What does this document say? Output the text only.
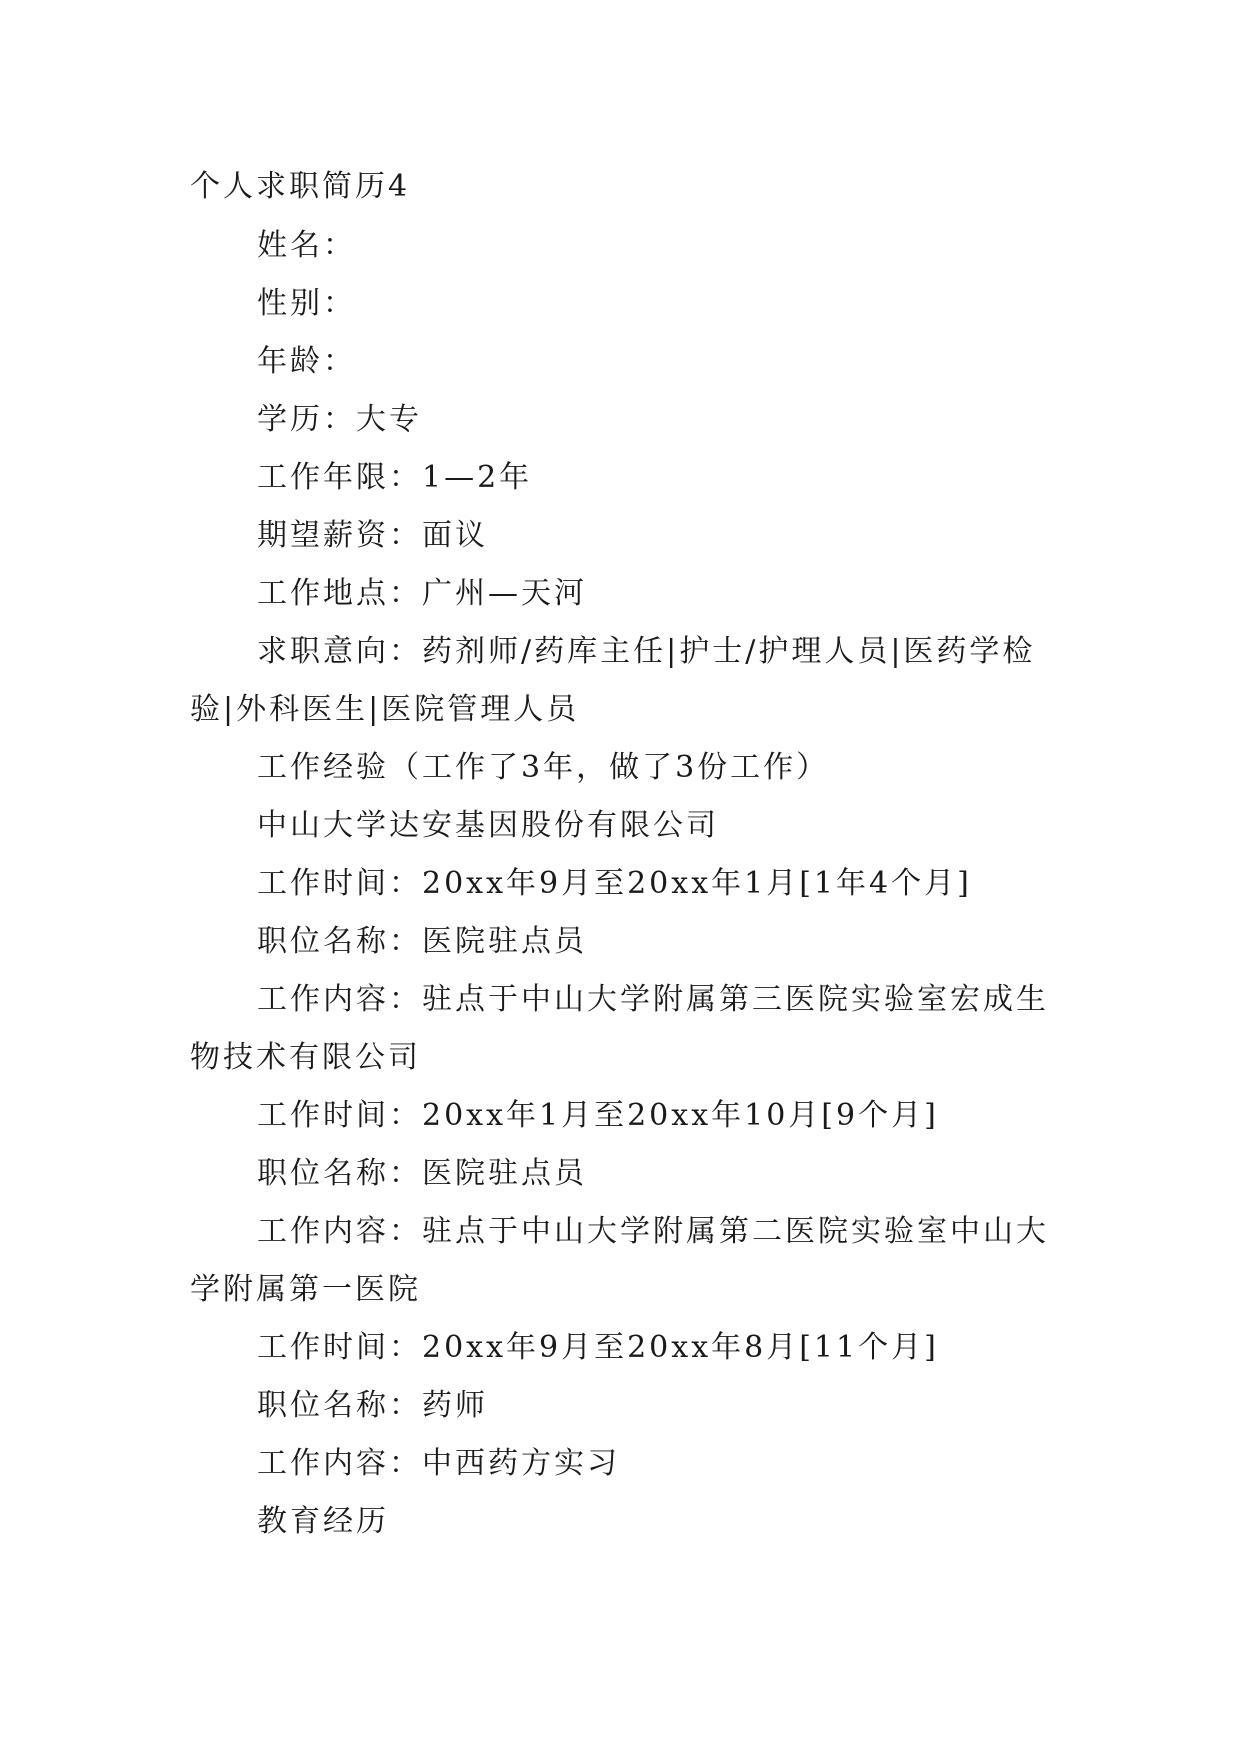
个人求职简历4
姓名：
性别：
年龄：
学历：大专
工作年限：1—2年
期望薪资：面议
工作地点：广州—天河
求职意向：药剂师/药库主任|护士/护理人员|医药学检
验|外科医生|医院管理人员
工作经验（工作了3年，做了3份工作）
中山大学达安基因股份有限公司
工作时间：20xx年9月至20xx年1月[1年4个月]
职位名称：医院驻点员
工作内容：驻点于中山大学附属第三医院实验室宏成生
物技术有限公司
工作时间：20xx年1月至20xx年10月[9个月]
职位名称：医院驻点员
工作内容：驻点于中山大学附属第二医院实验室中山大
学附属第一医院
工作时间：20xx年9月至20xx年8月[11个月]
职位名称：药师
工作内容：中西药方实习
教育经历
